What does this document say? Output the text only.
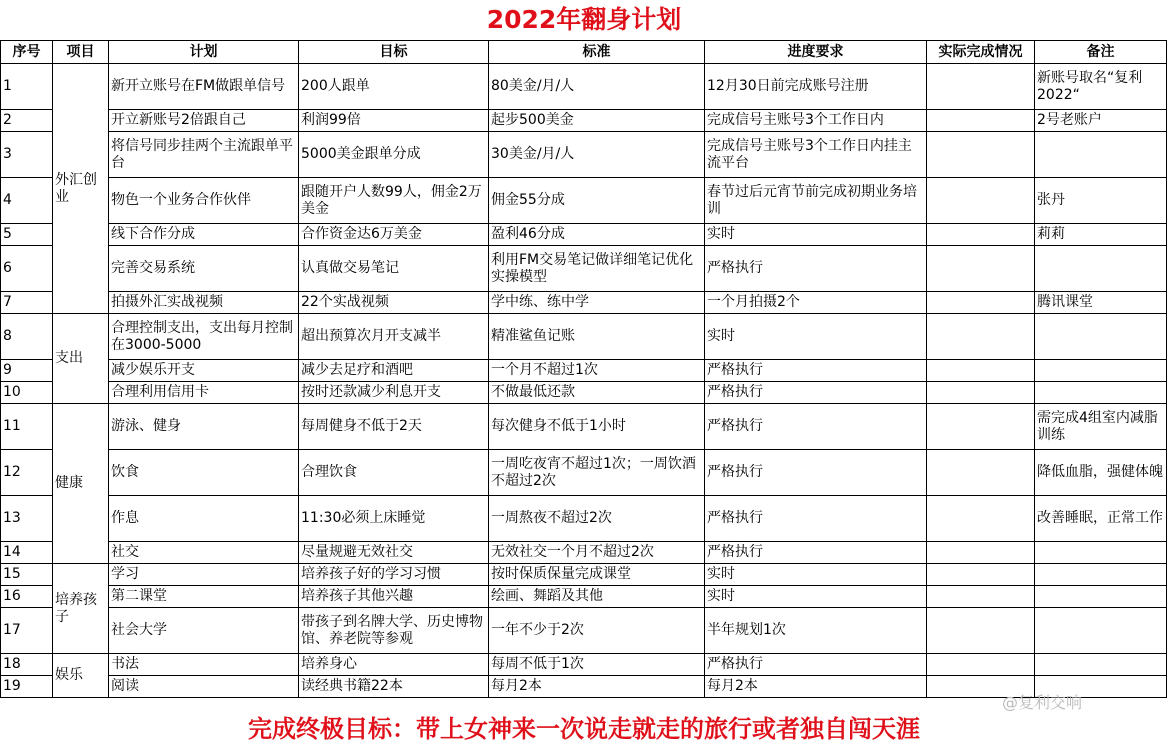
2022年翻身计划
序号	项目	计划	目标	标准	进度要求	实际完成情况	备注
1	外汇创业	新开立账号在FM做跟单信号	200人跟单	80美金/月/人	12月30日前完成账号注册		新账号取名“复利2022“
2		开立新账号2倍跟自己	利润99倍	起步500美金	完成信号主账号3个工作日内		2号老账户
3		将信号同步挂两个主流跟单平台	5000美金跟单分成	30美金/月/人	完成信号主账号3个工作日内挂主流平台		
4		物色一个业务合作伙伴	跟随开户人数99人，佣金2万美金	佣金55分成	春节过后元宵节前完成初期业务培训		张丹
5		线下合作分成	合作资金达6万美金	盈利46分成	实时		莉莉
6		完善交易系统	认真做交易笔记	利用FM交易笔记做详细笔记优化实操模型	严格执行		
7		拍摄外汇实战视频	22个实战视频	学中练、练中学	一个月拍摄2个		腾讯课堂
8	支出	合理控制支出，支出每月控制在3000-5000	超出预算次月开支减半	精准鲨鱼记账	实时		
9		减少娱乐开支	减少去足疗和酒吧	一个月不超过1次	严格执行		
10		合理利用信用卡	按时还款减少利息开支	不做最低还款	严格执行		
11	健康	游泳、健身	每周健身不低于2天	每次健身不低于1小时	严格执行		需完成4组室内减脂训练
12		饮食	合理饮食	一周吃夜宵不超过1次；一周饮酒不超过2次	严格执行		降低血脂，强健体魄
13		作息	11:30必须上床睡觉	一周熬夜不超过2次	严格执行		改善睡眠，正常工作
14		社交	尽量规避无效社交	无效社交一个月不超过2次	严格执行		
15	培养孩子	学习	培养孩子好的学习习惯	按时保质保量完成课堂	实时		
16		第二课堂	培养孩子其他兴趣	绘画、舞蹈及其他	实时		
17		社会大学	带孩子到名牌大学、历史博物馆、养老院等参观	一年不少于2次	半年规划1次		
18	娱乐	书法	培养身心	每周不低于1次	严格执行		
19		阅读	读经典书籍22本	每月2本	每月2本		
@复利交响
完成终极目标：带上女神来一次说走就走的旅行或者独自闯天涯
